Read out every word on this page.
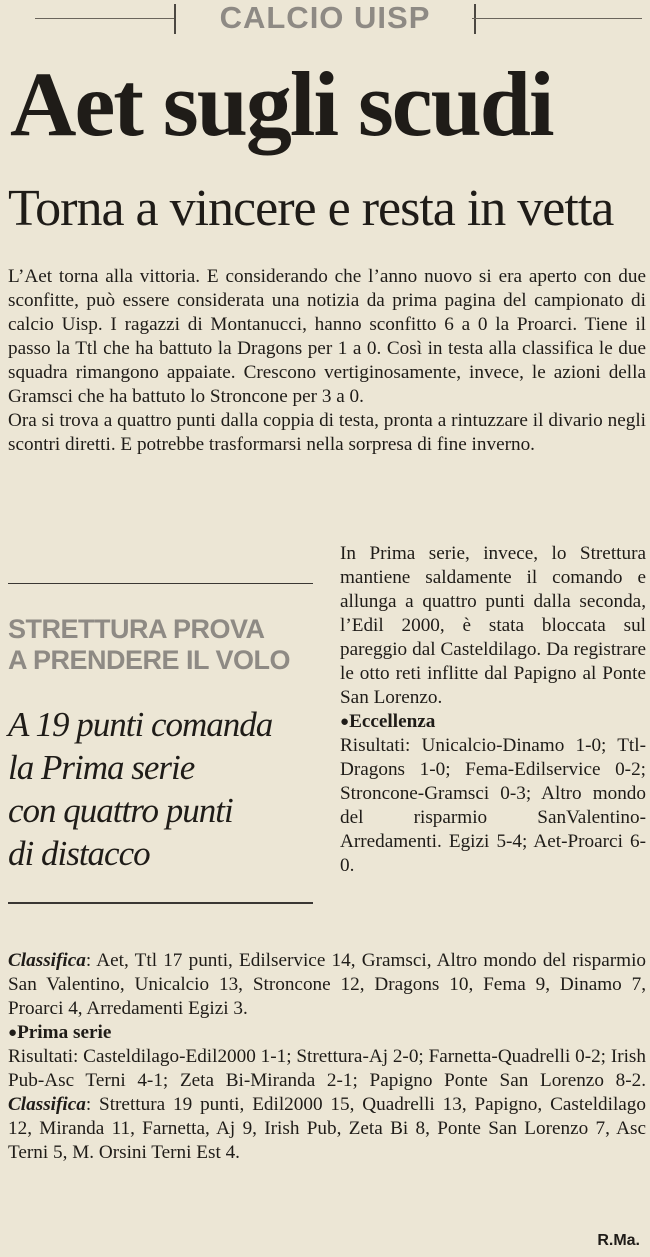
CALCIO UISP
Aet sugli scudi
Torna a vincere e resta in vetta

L’Aet torna alla vittoria. E considerando che l’anno nuovo si era aperto con due sconfitte, può essere considerata una notizia da prima pagina del campionato di calcio Uisp. I ragazzi di Montanucci, hanno sconfitto 6 a 0 la Proarci. Tiene il passo la Ttl che ha battuto la Dragons per 1 a 0. Così in testa alla classifica le due squadra rimangono appaiate. Crescono vertiginosamente, invece, le azioni della Gramsci che ha battuto lo Stroncone per 3 a 0.

Ora si trova a quattro punti dalla coppia di testa, pronta a rintuzzare il divario negli scontri diretti. E potrebbe trasformarsi nella sorpresa di fine inverno.

STRETTURA PROVA
A PRENDERE IL VOLO
A 19 punti comanda
la Prima serie
con quattro punti
di distacco

In Prima serie, invece, lo Strettura mantiene saldamente il comando e allunga a quattro punti dalla seconda, l’Edil 2000, è stata bloccata sul pareggio dal Casteldilago. Da registrare le otto reti inflitte dal Papigno al Ponte San Lorenzo.

●Eccellenza

Risultati: Unicalcio-Dinamo 1-0; Ttl-Dragons 1-0; Fema-Edilservice 0-2; Stroncone-Gramsci 0-3; Altro mondo del risparmio SanValentino-Arredamenti. Egizi 5-4; Aet-Proarci 6-0.

Classifica: Aet, Ttl 17 punti, Edilservice 14, Gramsci, Altro mondo del risparmio San Valentino, Unicalcio 13, Stroncone 12, Dragons 10, Fema 9, Dinamo 7, Proarci 4, Arredamenti Egizi 3.

●Prima serie

Risultati: Casteldilago-Edil2000 1-1; Strettura-Aj 2-0; Farnetta-Quadrelli 0-2; Irish Pub-Asc Terni 4-1; Zeta Bi-Miranda 2-1; Papigno Ponte San Lorenzo 8-2. Classifica: Strettura 19 punti, Edil2000 15, Quadrelli 13, Papigno, Casteldilago 12, Miranda 11, Farnetta, Aj 9, Irish Pub, Zeta Bi 8, Ponte San Lorenzo 7, Asc Terni 5, M. Orsini Terni Est 4.

R.Ma.
